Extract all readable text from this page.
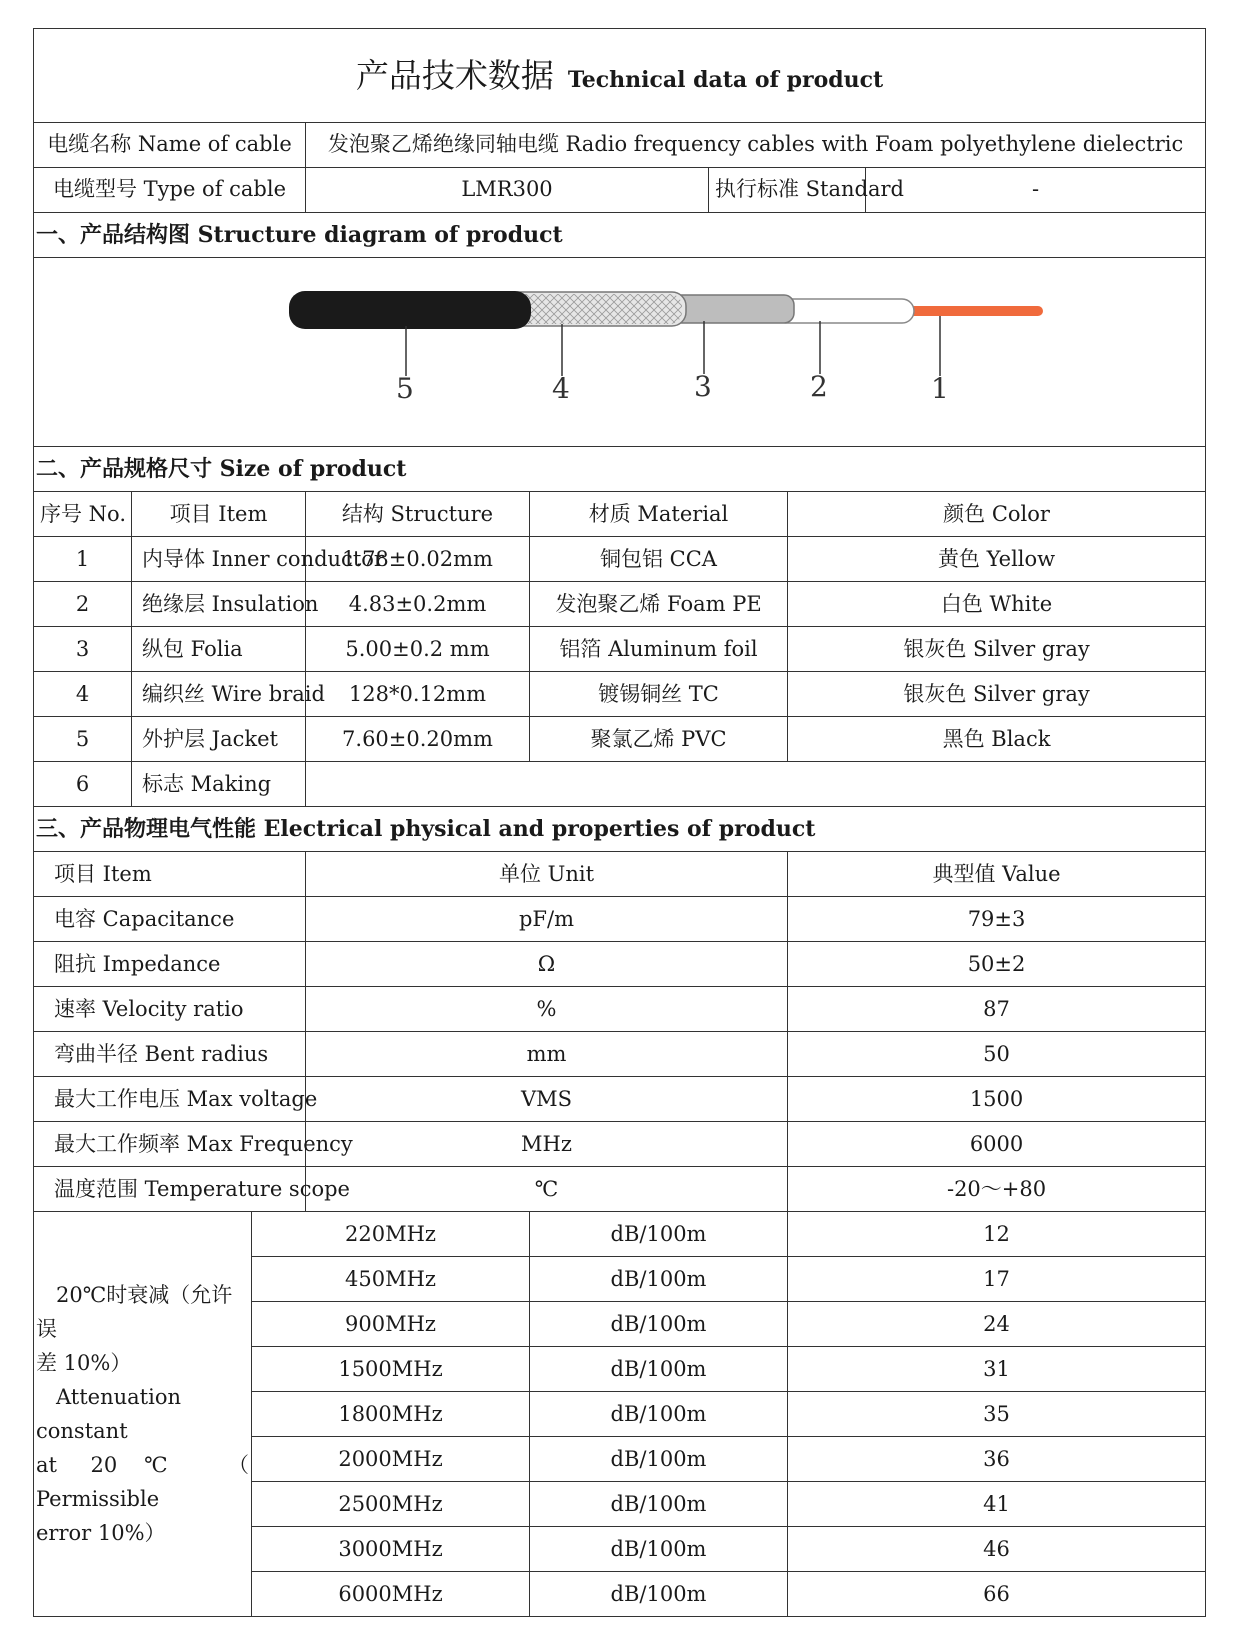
产品技术数据 Technical data of product							
电缆名称 Name of cable			发泡聚乙烯绝缘同轴电缆 Radio frequency cables with Foam polyethylene dielectric				
电缆型号 Type of cable			LMR300		执行标准 Standard		-
一、产品结构图 Structure diagram of product							

5 4 3 2 1							

二、产品规格尺寸 Size of product							
序号 No.	项目 Item		结构 Structure	材质 Material		颜色 Color	
1	内导体 Inner conductor		1.78±0.02mm	铜包铝 CCA		黄色 Yellow	
2	绝缘层 Insulation		4.83±0.2mm	发泡聚乙烯 Foam PE		白色 White	
3	纵包 Folia		5.00±0.2 mm	铝箔 Aluminum foil		银灰色 Silver gray	
4	编织丝 Wire braid		128*0.12mm	镀锡铜丝 TC		银灰色 Silver gray	
5	外护层 Jacket		7.60±0.20mm	聚氯乙烯 PVC		黑色 Black	
6	标志 Making						
三、产品物理电气性能 Electrical physical and properties of product							
项目 Item			单位 Unit			典型值 Value	
电容 Capacitance			pF/m			79±3	
阻抗 Impedance			Ω			50±2	
速率 Velocity ratio			%			87	
弯曲半径 Bent radius			mm			50	
最大工作电压 Max voltage			VMS			1500	
最大工作频率 Max Frequency			MHz			6000	
温度范围 Temperature scope			℃			-20～+80	

20℃时衰减（允许误
差 10%）
Attenuation constant
at 20℃ （ Permissible
error 10%）		220MHz		dB/100m		12	
		450MHz		dB/100m		17	
		900MHz		dB/100m		24	
		1500MHz		dB/100m		31	
		1800MHz		dB/100m		35	
		2000MHz		dB/100m		36	
		2500MHz		dB/100m		41	
		3000MHz		dB/100m		46	
		6000MHz		dB/100m		66	
